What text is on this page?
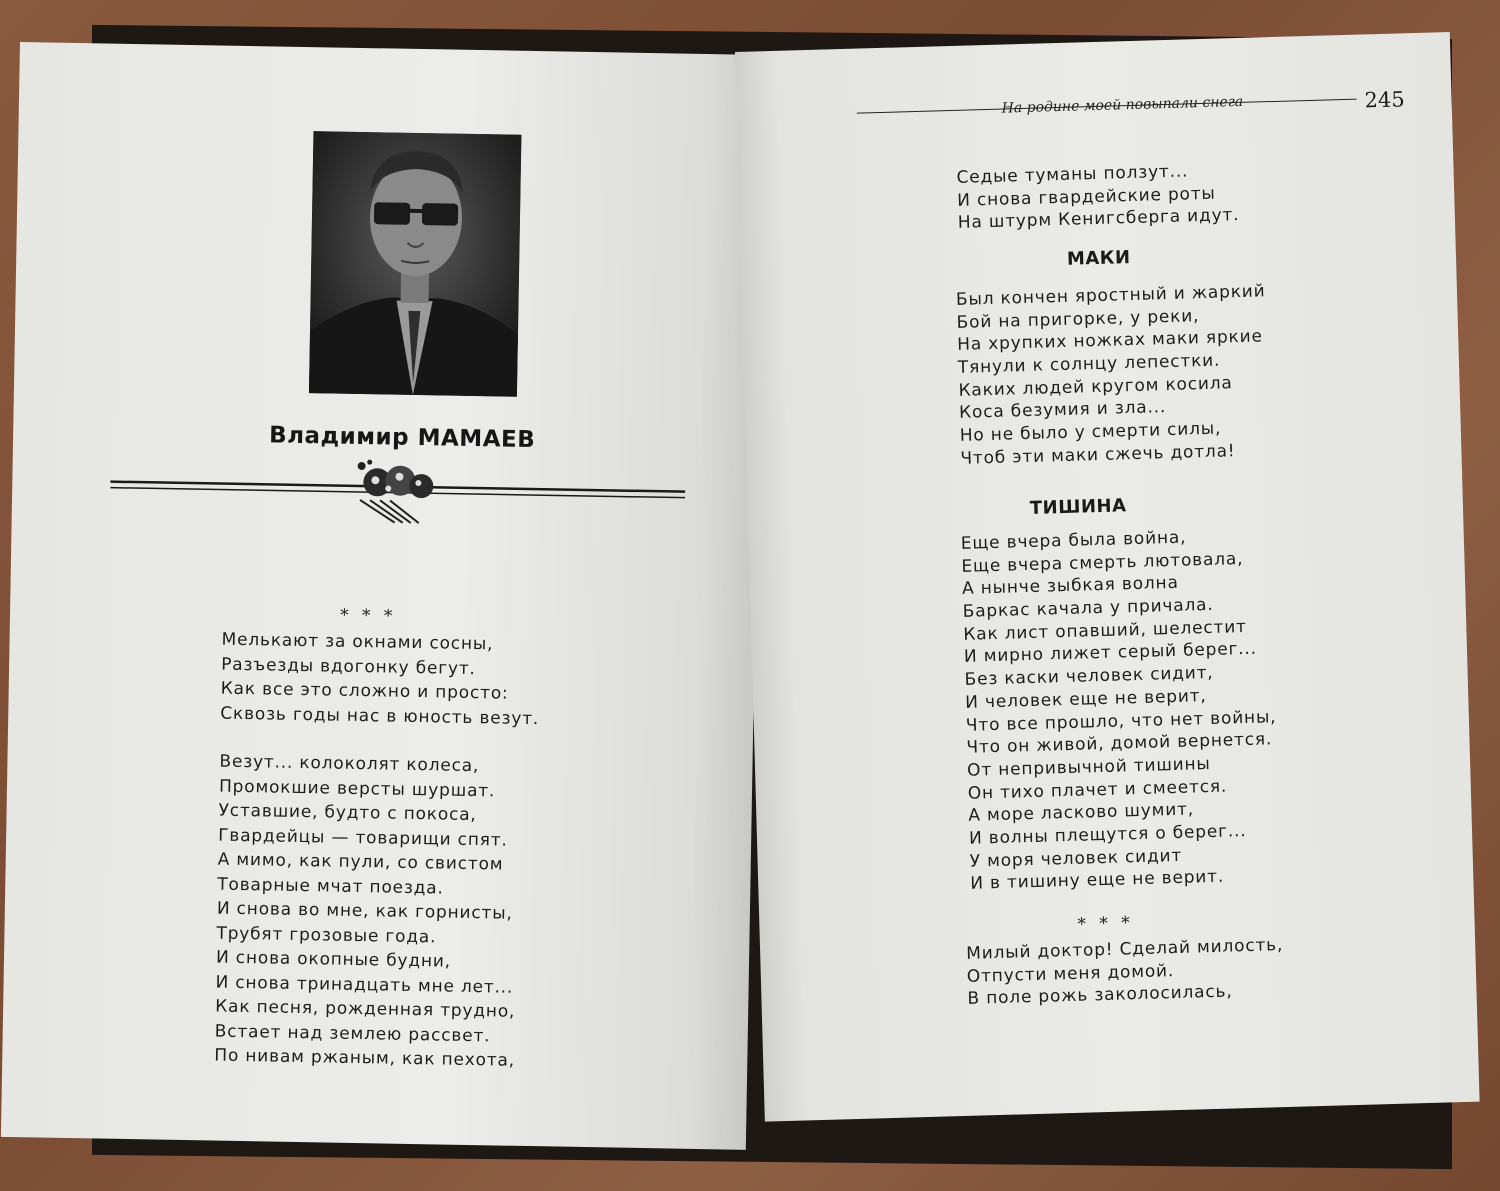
Владимир МАМАЕВ
* * *
Мелькают за окнами сосны,
Разъезды вдогонку бегут.
Как все это сложно и просто:
Сквозь годы нас в юность везут.
Везут... колоколят колеса,
Промокшие версты шуршат.
Уставшие, будто с покоса,
Гвардейцы — товарищи спят.
А мимо, как пули, со свистом
Товарные мчат поезда.
И снова во мне, как горнисты,
Трубят грозовые года.
И снова окопные будни,
И снова тринадцать мне лет...
Как песня, рожденная трудно,
Встает над землею рассвет.
По нивам ржаным, как пехота,
На родине моей повыпали снега	245
Седые туманы ползут...
И снова гвардейские роты
На штурм Кенигсберга идут.
МАКИ
Был кончен яростный и жаркий
Бой на пригорке, у реки,
На хрупких ножках маки яркие
Тянули к солнцу лепестки.
Каких людей кругом косила
Коса безумия и зла...
Но не было у смерти силы,
Чтоб эти маки сжечь дотла!
ТИШИНА
Еще вчера была война,
Еще вчера смерть лютовала,
А нынче зыбкая волна
Баркас качала у причала.
Как лист опавший, шелестит
И мирно лижет серый берег...
Без каски человек сидит,
И человек еще не верит,
Что все прошло, что нет войны,
Что он живой, домой вернется.
От непривычной тишины
Он тихо плачет и смеется.
А море ласково шумит,
И волны плещутся о берег...
У моря человек сидит
И в тишину еще не верит.
* * *
Милый доктор! Сделай милость,
Отпусти меня домой.
В поле рожь заколосилась,
